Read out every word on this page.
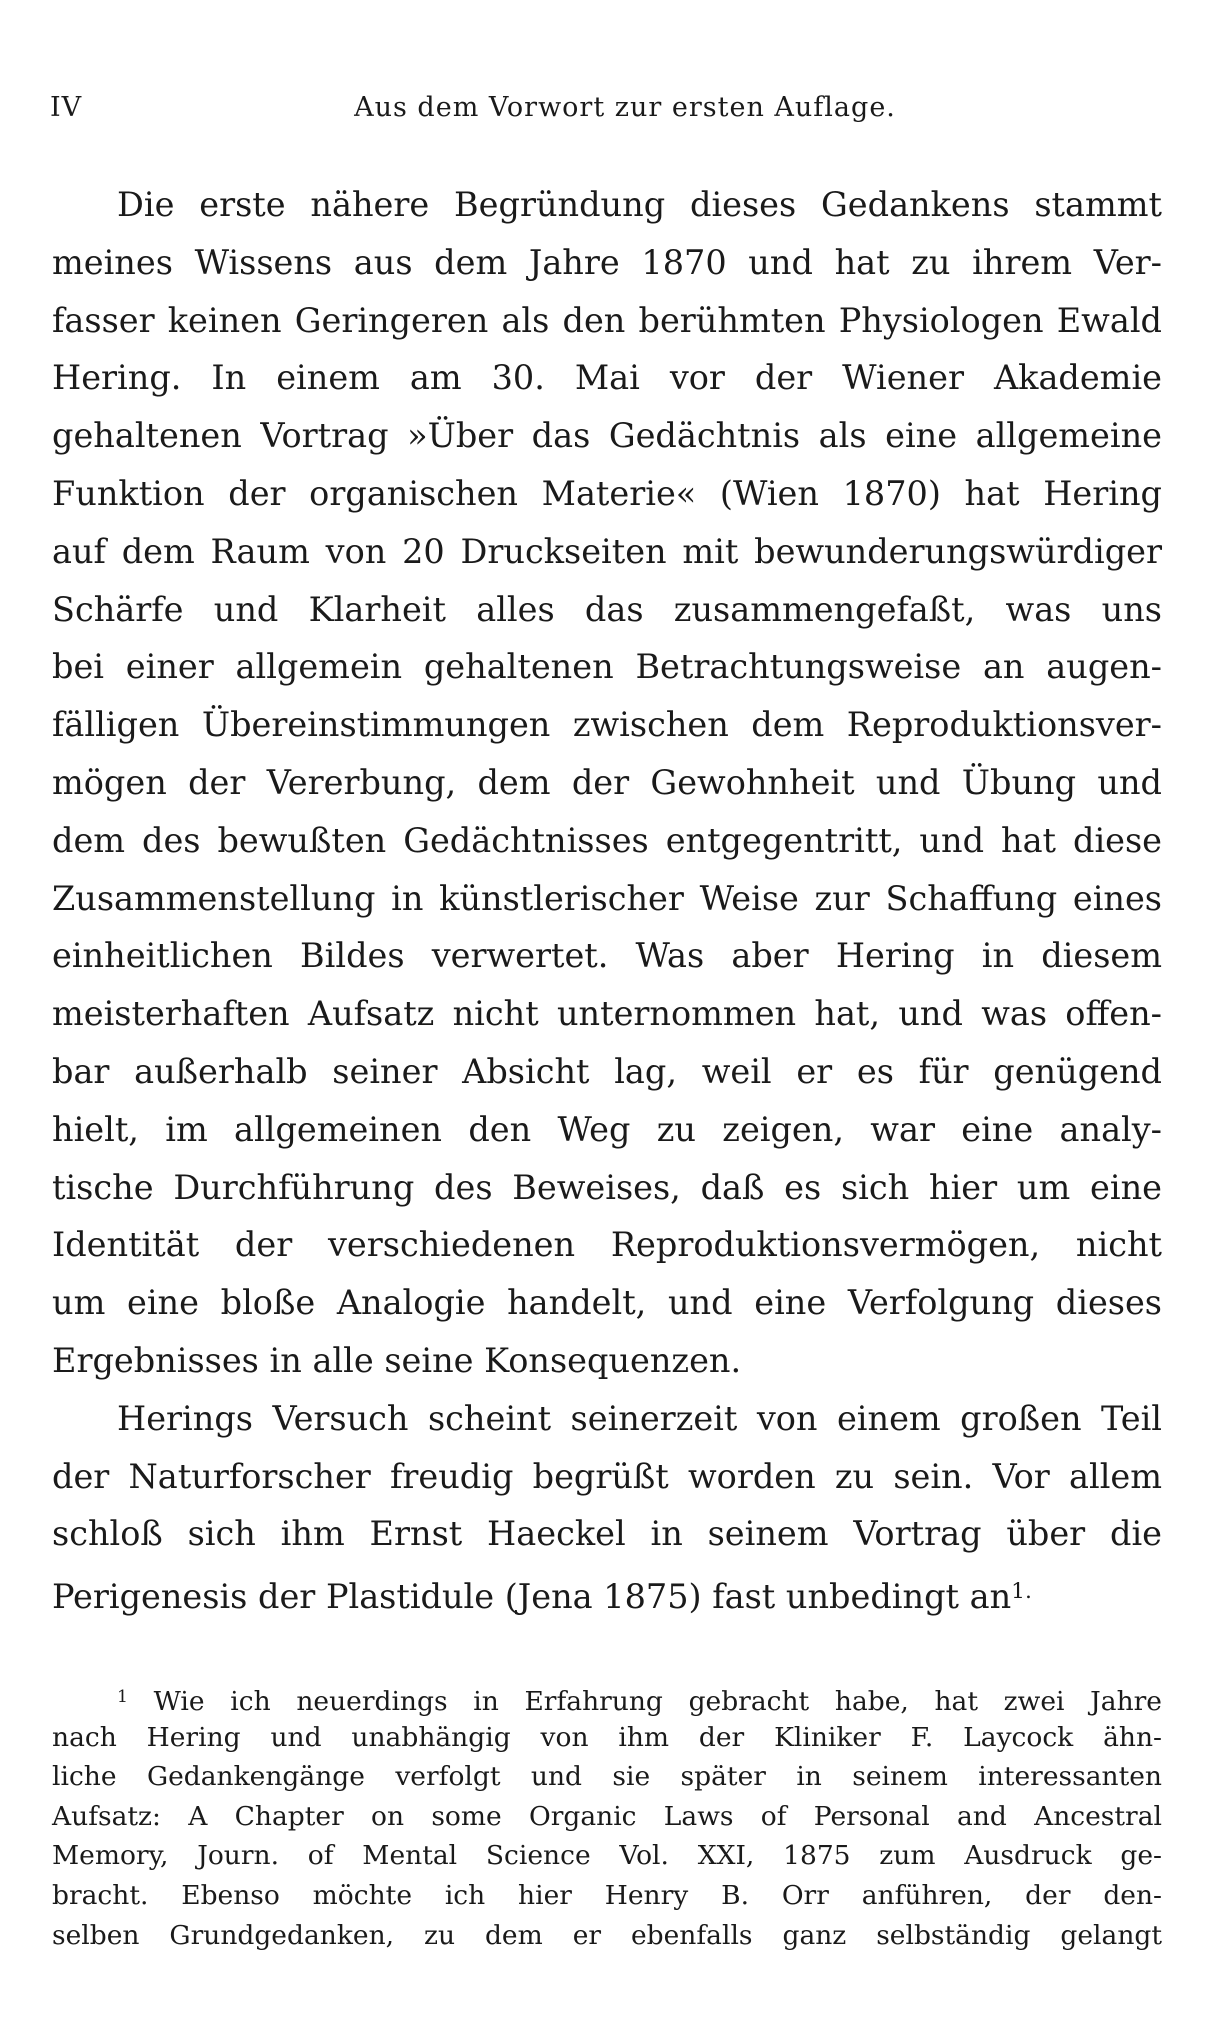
IV	Aus dem Vorwort zur ersten Auflage.
Die erste nähere Begründung dieses Gedankens stammt
meines Wissens aus dem Jahre 1870 und hat zu ihrem Ver-
fasser keinen Geringeren als den berühmten Physiologen Ewald
Hering. In einem am 30. Mai vor der Wiener Akademie
gehaltenen Vortrag »Über das Gedächtnis als eine allgemeine
Funktion der organischen Materie« (Wien 1870) hat Hering
auf dem Raum von 20 Druckseiten mit bewunderungswürdiger
Schärfe und Klarheit alles das zusammengefaßt, was uns
bei einer allgemein gehaltenen Betrachtungsweise an augen-
fälligen Übereinstimmungen zwischen dem Reproduktionsver-
mögen der Vererbung, dem der Gewohnheit und Übung und
dem des bewußten Gedächtnisses entgegentritt, und hat diese
Zusammenstellung in künstlerischer Weise zur Schaffung eines
einheitlichen Bildes verwertet. Was aber Hering in diesem
meisterhaften Aufsatz nicht unternommen hat, und was offen-
bar außerhalb seiner Absicht lag, weil er es für genügend
hielt, im allgemeinen den Weg zu zeigen, war eine analy-
tische Durchführung des Beweises, daß es sich hier um eine
Identität der verschiedenen Reproduktionsvermögen, nicht
um eine bloße Analogie handelt, und eine Verfolgung dieses
Ergebnisses in alle seine Konsequenzen.
Herings Versuch scheint seinerzeit von einem großen Teil
der Naturforscher freudig begrüßt worden zu sein. Vor allem
schloß sich ihm Ernst Haeckel in seinem Vortrag über die
Perigenesis der Plastidule (Jena 1875) fast unbedingt an$^{1.}$
$^1$ Wie ich neuerdings in Erfahrung gebracht habe, hat zwei Jahre
nach Hering und unabhängig von ihm der Kliniker F. Laycock ähn-
liche Gedankengänge verfolgt und sie später in seinem interessanten
Aufsatz: A Chapter on some Organic Laws of Personal and Ancestral
Memory, Journ. of Mental Science Vol. XXI, 1875 zum Ausdruck ge-
bracht. Ebenso möchte ich hier Henry B. Orr anführen, der den-
selben Grundgedanken, zu dem er ebenfalls ganz selbständig gelangt
